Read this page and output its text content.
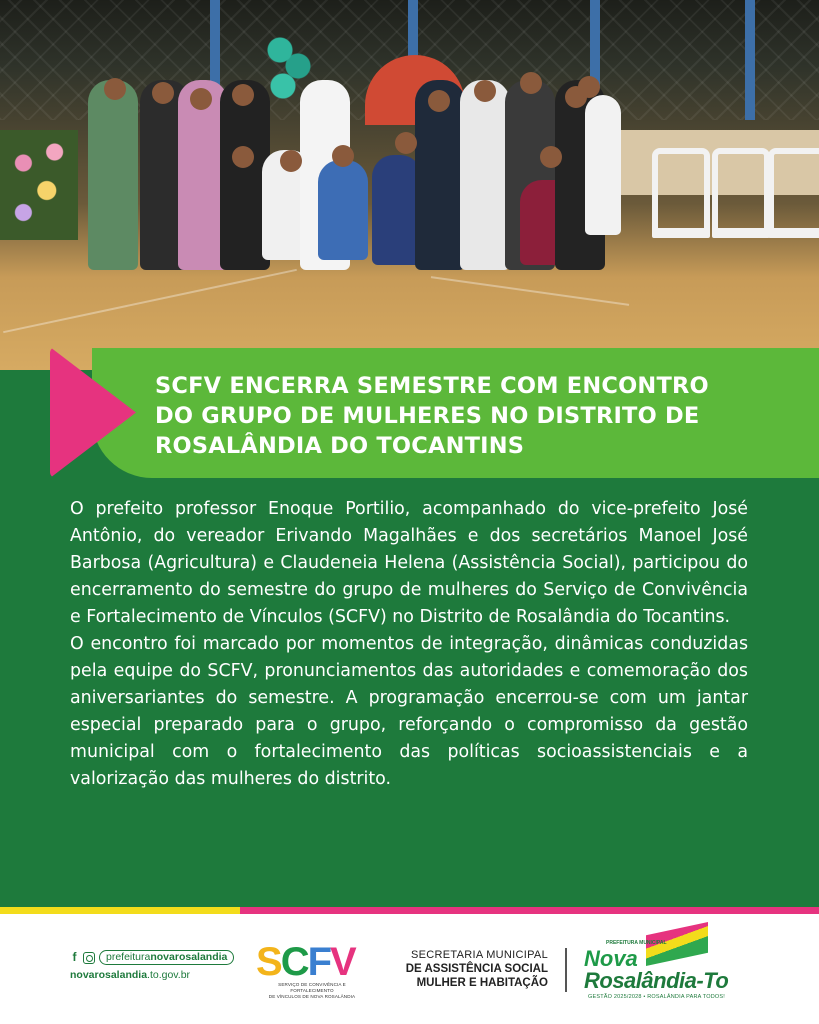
SCFV ENCERRA SEMESTRE COM ENCONTRO
DO GRUPO DE MULHERES NO DISTRITO DE
ROSALÂNDIA DO TOCANTINS

O prefeito professor Enoque Portilio, acompanhado do vice-prefeito José Antônio, do vereador Erivando Magalhães e dos secretários Manoel José Barbosa (Agricultura) e Claudeneia Helena (Assistência Social), participou do encerramento do semestre do grupo de mulheres do Serviço de Convivência e Fortalecimento de Vínculos (SCFV) no Distrito de Rosalândia do Tocantins.

O encontro foi marcado por momentos de integração, dinâmicas conduzidas pela equipe do SCFV, pronunciamentos das autoridades e comemoração dos aniversariantes do semestre. A programação encerrou-se com um jantar especial preparado para o grupo, reforçando o compromisso da gestão municipal com o fortalecimento das políticas socioassistenciais e a valorização das mulheres do distrito.

f	prefeituranovarosalandia
novarosalandia.to.gov.br	SCFV
SERVIÇO DE CONVIVÊNCIA E FORTALECIMENTO
DE VÍNCULOS DE NOVA ROSALÂNDIA
SECRETARIA MUNICIPAL
DE ASSISTÊNCIA SOCIAL
MULHER E HABITAÇÃO
PREFEITURA MUNICIPAL
Nova
Rosalândia-To
GESTÃO 2025/2028 • ROSALÂNDIA PARA TODOS!
